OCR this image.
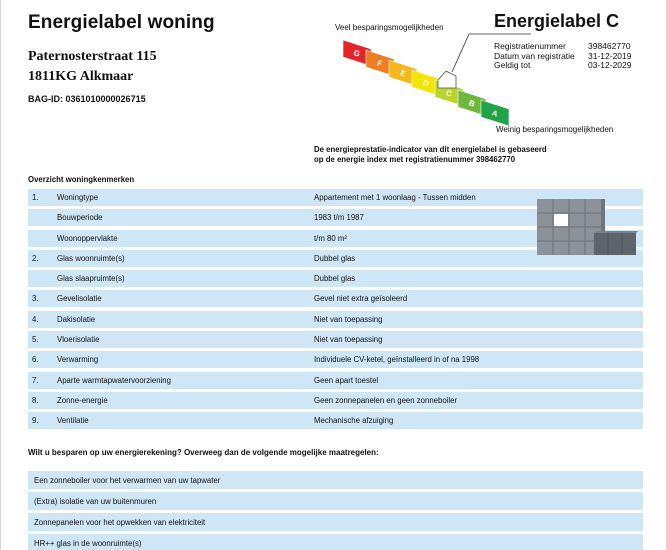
Energielabel woning
Paternosterstraat 115
1811KG Alkmaar
BAG-ID: 0361010000026715
Veel besparingsmogelijkheden
G
F
E
D
C
B
A
Weinig besparingsmogelijkheden
Energielabel C
Registratienummer	398462770
Datum van registratie	31-12-2019
Geldig tot	03-12-2029
De energieprestatie-indicator van dit energielabel is gebaseerd
op de energie index met registratienummer 398462770
Overzicht woningkenmerken
1. Woningtype	Appartement met 1 woonlaag - Tussen midden
Bouwperiode	1983 t/m 1987
Woonoppervlakte	t/m 80 m²
2. Glas woonruimte(s)	Dubbel glas
Glas slaapruimte(s)	Dubbel glas
3. Gevelisolatie	Gevel niet extra geïsoleerd
4. Dakisolatie	Niet van toepassing
5. Vloerisolatie	Niet van toepassing
6. Verwarming	Individuele CV-ketel, geïnstalleerd in of na 1998
7. Aparte warmtapwatervoorziening	Geen apart toestel
8. Zonne-energie	Geen zonnepanelen en geen zonneboiler
9. Ventilatie	Mechanische afzuiging
Wilt u besparen op uw energierekening? Overweeg dan de volgende mogelijke maatregelen:
Een zonneboiler voor het verwarmen van uw tapwater
(Extra) isolatie van uw buitenmuren
Zonnepanelen voor het opwekken van elektriciteit
HR++ glas in de woonruimte(s)
